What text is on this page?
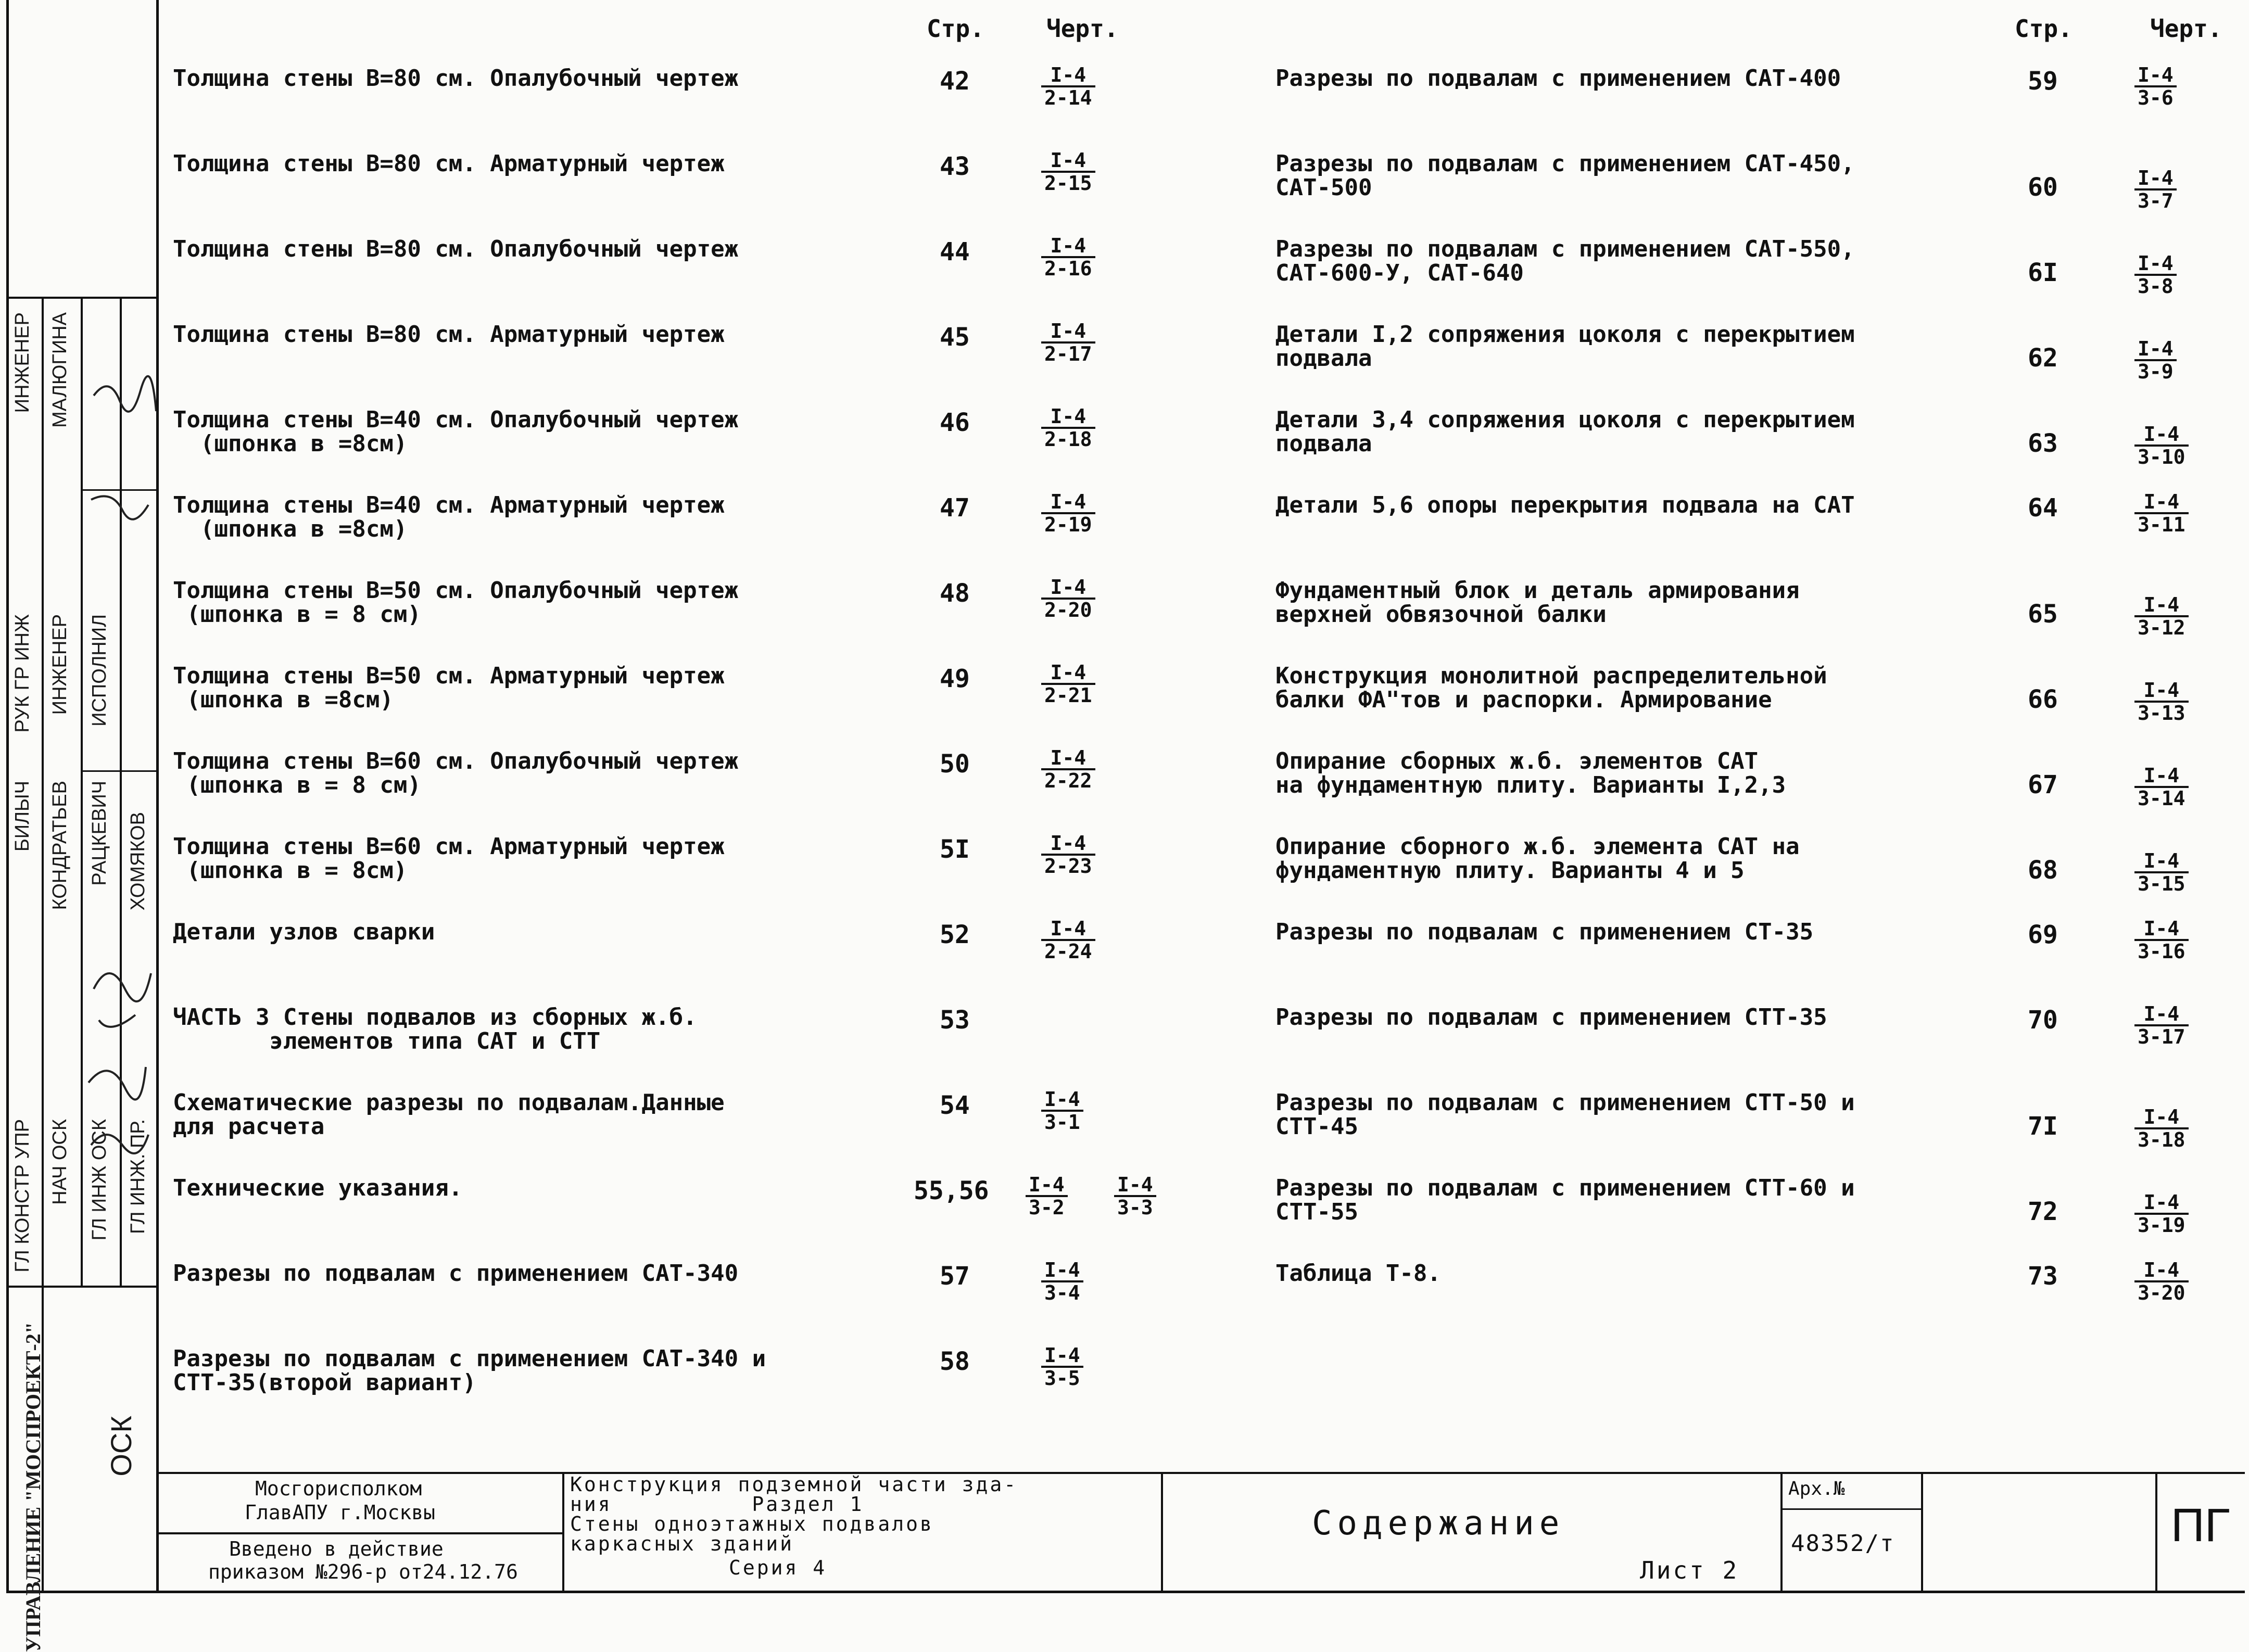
ГЛ КОНСТР УПР НАЧ ОСК ГЛ ИНЖ ОСК ГЛ ИНЖ. ПР.
КОНДРАТЬЕВ РАЦКЕВИЧ ХОМЯКОВ
БИЛЫЧ
РУК ГР ИНЖ ИНЖЕНЕР ИСПОЛНИЛ
ИНЖЕНЕР МАЛЮГИНА
УПРАВЛЕНИЕ "МОСПРОЕКТ-2" ОСК
Стр.	Черт.	Стр.	Черт.
Толщина стены В=80 см. Опалубочный чертеж	42	$\frac{I-4}{2-14}$
Толщина стены В=80 см. Арматурный чертеж	43	$\frac{I-4}{2-15}$
Толщина стены В=80 см. Опалубочный чертеж	44	$\frac{I-4}{2-16}$
Толщина стены В=80 см. Арматурный чертеж	45	$\frac{I-4}{2-17}$
Толщина стены В=40 см. Опалубочный чертеж
(шпонка в =8см)
46	$\frac{I-4}{2-18}$
Толщина стены В=40 см. Арматурный чертеж
(шпонка в =8см)
47	$\frac{I-4}{2-19}$
Толщина стены В=50 см. Опалубочный чертеж
(шпонка в = 8 см)
48	$\frac{I-4}{2-20}$
Толщина стены В=50 см. Арматурный чертеж
(шпонка в =8см)
49	$\frac{I-4}{2-21}$
Толщина стены В=60 см. Опалубочный чертеж
(шпонка в = 8 см)
50	$\frac{I-4}{2-22}$
Толщина стены В=60 см. Арматурный чертеж
(шпонка в = 8см)
5I	$\frac{I-4}{2-23}$
Детали узлов сварки	52	$\frac{I-4}{2-24}$
ЧАСТЬ 3 Стены подвалов из сборных ж.б.
элементов типа САТ и СТТ
53
Схематические разрезы по подвалам.Данные
для расчета
54	$\frac{I-4}{3-1}$
Технические указания.	$55,56 \frac{I-4}{3-2} \frac{I-4}{3-3}$
Разрезы по подвалам с применением САТ-340	57	$\frac{I-4}{3-4}$
Разрезы по подвалам с применением САТ-340 и
СТТ-35(второй вариант)
58	$\frac{I-4}{3-5}$
Разрезы по подвалам с применением САТ-400	59	$\frac{I-4}{3-6}$
Разрезы по подвалам с применением САТ-450,
САТ-500	60	$\frac{I-4}{3-7}$
Разрезы по подвалам с применением САТ-550,
САТ-600-У, САТ-640	6I	$\frac{I-4}{3-8}$
Детали I,2 сопряжения цоколя с перекрытием
подвала	62	$\frac{I-4}{3-9}$
Детали 3,4 сопряжения цоколя с перекрытием
подвала	63	$\frac{I-4}{3-10}$
Детали 5,6 опоры перекрытия подвала на САТ	64	$\frac{I-4}{3-11}$
Фундаментный блок и деталь армирования
верхней обвязочной балки	65	$\frac{I-4}{3-12}$
Конструкция монолитной распределительной
балки ФА"тов и распорки. Армирование	66	$\frac{I-4}{3-13}$
Опирание сборных ж.б. элементов САТ
на фундаментную плиту. Варианты I,2,3	67	$\frac{I-4}{3-14}$
Опирание сборного ж.б. элемента САТ на
фундаментную плиту. Варианты 4 и 5	68	$\frac{I-4}{3-15}$
Разрезы по подвалам с применением СТ-35	69	$\frac{I-4}{3-16}$
Разрезы по подвалам с применением СТТ-35	70	$\frac{I-4}{3-17}$
Разрезы по подвалам с применением СТТ-50 и
СТТ-45	7I	$\frac{I-4}{3-18}$
Разрезы по подвалам с применением СТТ-60 и
СТТ-55	72	$\frac{I-4}{3-19}$
Таблица Т-8.	73	$\frac{I-4}{3-20}$
Мосгорисполком
ГлавАПУ г.Москвы
Введено в действие
приказом №296-р от24.12.76
Конструкция подземной части зда-
ния          Раздел 1
Стены одноэтажных подвалов
каркасных зданий
Серия 4
Содержание
Лист 2
Арх.№
48352/т	ПГ
